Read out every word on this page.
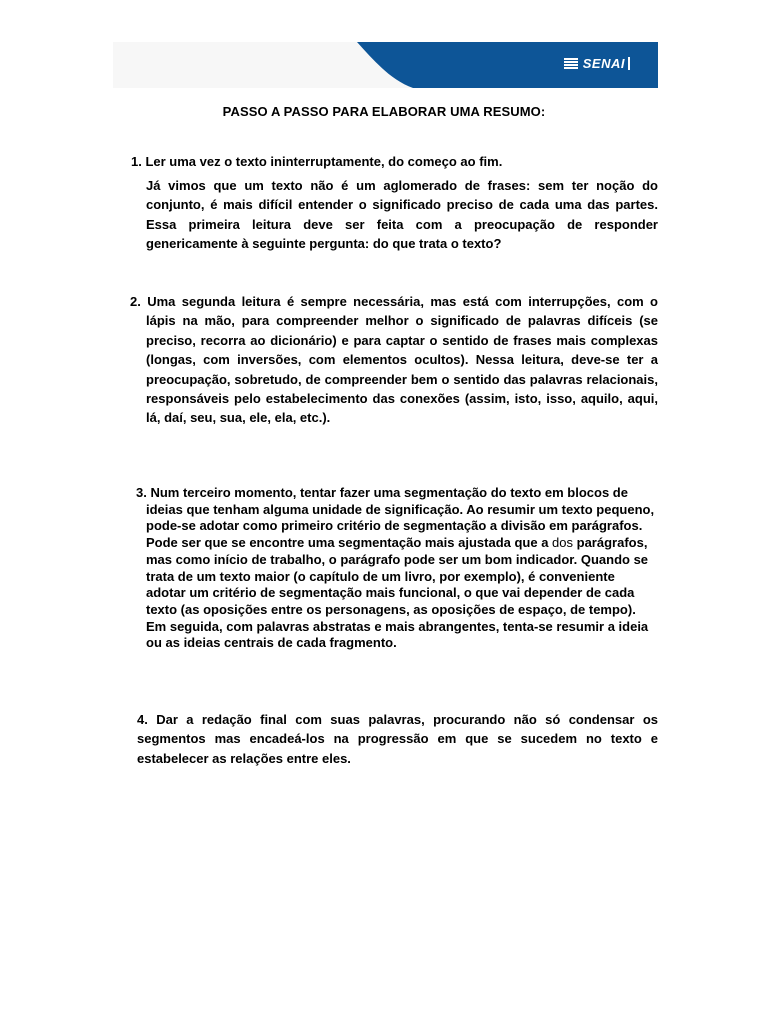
SENAI
PASSO A PASSO PARA ELABORAR UMA RESUMO:
1. Ler uma vez o texto ininterruptamente, do começo ao fim.

Já vimos que um texto não é um aglomerado de frases: sem ter noção do conjunto, é mais difícil entender o significado preciso de cada uma das partes. Essa primeira leitura deve ser feita com a preocupação de responder genericamente à seguinte pergunta: do que trata o texto?

2. Uma segunda leitura é sempre necessária, mas está com interrupções, com o lápis na mão, para compreender melhor o significado de palavras difíceis (se preciso, recorra ao dicionário) e para captar o sentido de frases mais complexas (longas, com inversões, com elementos ocultos). Nessa leitura, deve-se ter a preocupação, sobretudo, de compreender bem o sentido das palavras relacionais, responsáveis pelo estabelecimento das conexões (assim, isto, isso, aquilo, aqui, lá, daí, seu, sua, ele, ela, etc.).

3. Num terceiro momento, tentar fazer uma segmentação do texto em blocos de ideias que tenham alguma unidade de significação. Ao resumir um texto pequeno, pode-se adotar como primeiro critério de segmentação a divisão em parágrafos. Pode ser que se encontre uma segmentação mais ajustada que a dos parágrafos, mas como início de trabalho, o parágrafo pode ser um bom indicador. Quando se trata de um texto maior (o capítulo de um livro, por exemplo), é conveniente adotar um critério de segmentação mais funcional, o que vai depender de cada texto (as oposições entre os personagens, as oposições de espaço, de tempo). Em seguida, com palavras abstratas e mais abrangentes, tenta-se resumir a ideia ou as ideias centrais de cada fragmento.

4. Dar a redação final com suas palavras, procurando não só condensar os segmentos mas encadeá-los na progressão em que se sucedem no texto e estabelecer as relações entre eles.
